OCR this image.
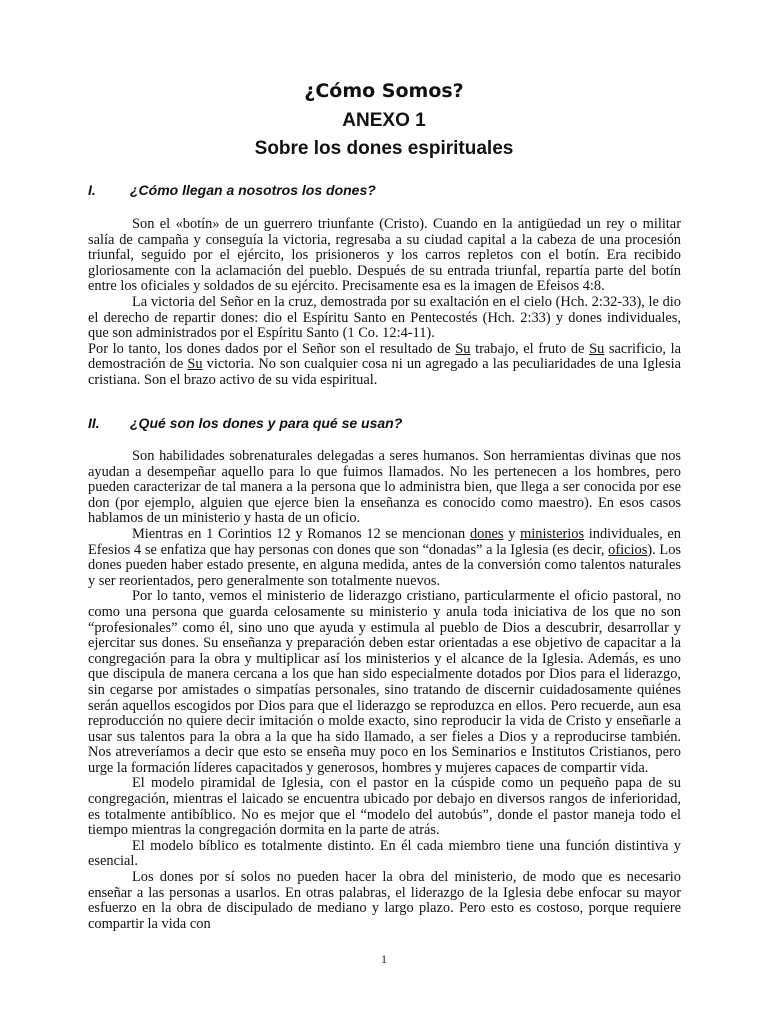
¿Cómo Somos?
ANEXO 1
Sobre los dones espirituales
I. ¿Cómo llegan a nosotros los dones?

Son el «botín» de un guerrero triunfante (Cristo). Cuando en la antigüedad un rey o militar salía de campaña y conseguía la victoria, regresaba a su ciudad capital a la cabeza de una procesión triunfal, seguido por el ejército, los prisioneros y los carros repletos con el botín. Era recibido gloriosamente con la aclamación del pueblo. Después de su entrada triunfal, repartía parte del botín entre los oficiales y soldados de su ejército. Precisamente esa es la imagen de Efeisos 4:8.

La victoria del Señor en la cruz, demostrada por su exaltación en el cielo (Hch. 2:32-33), le dio el derecho de repartir dones: dio el Espíritu Santo en Pentecostés (Hch. 2:33) y dones individuales, que son administrados por el Espíritu Santo (1 Co. 12:4-11).

Por lo tanto, los dones dados por el Señor son el resultado de Su trabajo, el fruto de Su sacrificio, la demostración de Su victoria. No son cualquier cosa ni un agregado a las peculiaridades de una Iglesia cristiana. Son el brazo activo de su vida espiritual.

II. ¿Qué son los dones y para qué se usan?

Son habilidades sobrenaturales delegadas a seres humanos. Son herramientas divinas que nos ayudan a desempeñar aquello para lo que fuimos llamados. No les pertenecen a los hombres, pero pueden caracterizar de tal manera a la persona que lo administra bien, que llega a ser conocida por ese don (por ejemplo, alguien que ejerce bien la enseñanza es conocido como maestro). En esos casos hablamos de un ministerio y hasta de un oficio.

Mientras en 1 Corintios 12 y Romanos 12 se mencionan dones y ministerios individuales, en Efesios 4 se enfatiza que hay personas con dones que son “donadas” a la Iglesia (es decir, oficios). Los dones pueden haber estado presente, en alguna medida, antes de la conversión como talentos naturales y ser reorientados, pero generalmente son totalmente nuevos.

Por lo tanto, vemos el ministerio de liderazgo cristiano, particularmente el oficio pastoral, no como una persona que guarda celosamente su ministerio y anula toda iniciativa de los que no son “profesionales” como él, sino uno que ayuda y estimula al pueblo de Dios a descubrir, desarrollar y ejercitar sus dones. Su enseñanza y preparación deben estar orientadas a ese objetivo de capacitar a la congregación para la obra y multiplicar así los ministerios y el alcance de la Iglesia. Además, es uno que discipula de manera cercana a los que han sido especialmente dotados por Dios para el liderazgo, sin cegarse por amistades o simpatías personales, sino tratando de discernir cuidadosamente quiénes serán aquellos escogidos por Dios para que el liderazgo se reproduzca en ellos. Pero recuerde, aun esa reproducción no quiere decir imitación o molde exacto, sino reproducir la vida de Cristo y enseñarle a usar sus talentos para la obra a la que ha sido llamado, a ser fieles a Dios y a reproducirse también. Nos atreveríamos a decir que esto se enseña muy poco en los Seminarios e Institutos Cristianos, pero urge la formación líderes capacitados y generosos, hombres y mujeres capaces de compartir vida.

El modelo piramidal de Iglesia, con el pastor en la cúspide como un pequeño papa de su congregación, mientras el laicado se encuentra ubicado por debajo en diversos rangos de inferioridad, es totalmente antibíblico. No es mejor que el “modelo del autobús”, donde el pastor maneja todo el tiempo mientras la congregación dormita en la parte de atrás.

El modelo bíblico es totalmente distinto. En él cada miembro tiene una función distintiva y esencial.

Los dones por sí solos no pueden hacer la obra del ministerio, de modo que es necesario enseñar a las personas a usarlos. En otras palabras, el liderazgo de la Iglesia debe enfocar su mayor esfuerzo en la obra de discipulado de mediano y largo plazo. Pero esto es costoso, porque requiere compartir la vida con

1
